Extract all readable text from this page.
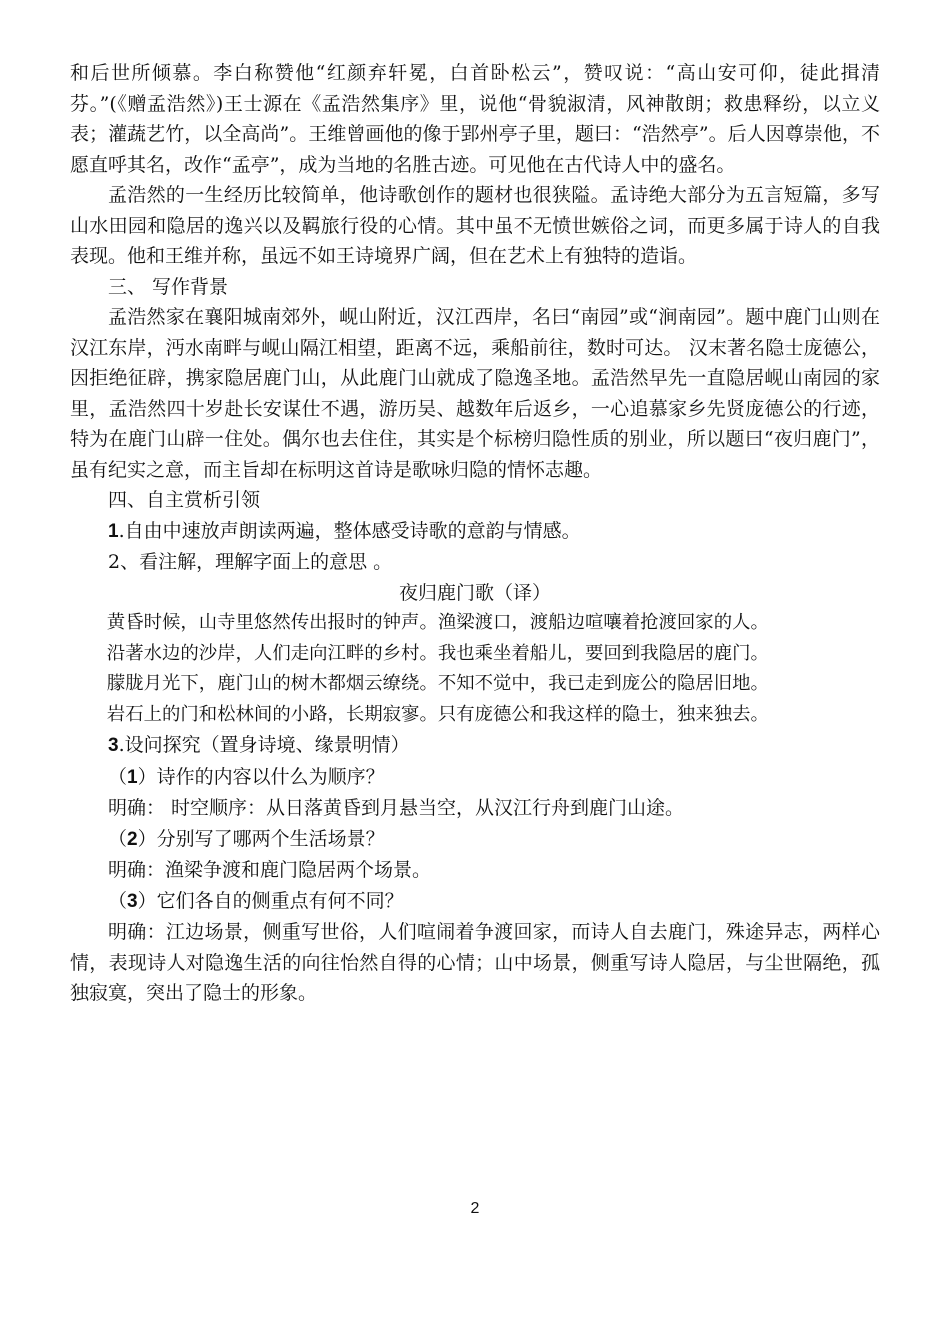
和后世所倾慕。李白称赞他“红颜弃轩冕，白首卧松云”，赞叹说：“高山安可仰，徒此揖清芬。”(《赠孟浩然》)王士源在《孟浩然集序》里，说他“骨貌淑清，风神散朗；救患释纷，以立义表；灌蔬艺竹，以全高尚”。王维曾画他的像于郢州亭子里，题曰：“浩然亭”。后人因尊崇他，不愿直呼其名，改作“孟亭”，成为当地的名胜古迹。可见他在古代诗人中的盛名。

孟浩然的一生经历比较简单，他诗歌创作的题材也很狭隘。孟诗绝大部分为五言短篇，多写山水田园和隐居的逸兴以及羁旅行役的心情。其中虽不无愤世嫉俗之词，而更多属于诗人的自我表现。他和王维并称，虽远不如王诗境界广阔，但在艺术上有独特的造诣。

三、 写作背景

孟浩然家在襄阳城南郊外，岘山附近，汉江西岸，名曰“南园”或“涧南园”。题中鹿门山则在汉江东岸，沔水南畔与岘山隔江相望，距离不远，乘船前往，数时可达。 汉末著名隐士庞德公，因拒绝征辟，携家隐居鹿门山，从此鹿门山就成了隐逸圣地。孟浩然早先一直隐居岘山南园的家里，孟浩然四十岁赴长安谋仕不遇，游历吴、越数年后返乡，一心追慕家乡先贤庞德公的行迹，特为在鹿门山辟一住处。偶尔也去住住，其实是个标榜归隐性质的别业，所以题曰“夜归鹿门”，虽有纪实之意，而主旨却在标明这首诗是歌咏归隐的情怀志趣。

四、自主赏析引领

1.自由中速放声朗读两遍，整体感受诗歌的意韵与情感。

2、看注解，理解字面上的意思 。

夜归鹿门歌（译）

黄昏时候，山寺里悠然传出报时的钟声。渔梁渡口，渡船边喧嚷着抢渡回家的人。

沿著水边的沙岸，人们走向江畔的乡村。我也乘坐着船儿，要回到我隐居的鹿门。

朦胧月光下，鹿门山的树木都烟云缭绕。不知不觉中，我已走到庞公的隐居旧地。

岩石上的门和松林间的小路，长期寂寥。只有庞德公和我这样的隐士，独来独去。

3.设问探究（置身诗境、缘景明情）

（1）诗作的内容以什么为顺序？

明确： 时空顺序：从日落黄昏到月悬当空，从汉江行舟到鹿门山途。

（2）分别写了哪两个生活场景？

明确：渔梁争渡和鹿门隐居两个场景。

（3）它们各自的侧重点有何不同？

明确：江边场景，侧重写世俗，人们喧闹着争渡回家，而诗人自去鹿门，殊途异志，两样心情，表现诗人对隐逸生活的向往怡然自得的心情；山中场景，侧重写诗人隐居，与尘世隔绝，孤独寂寞，突出了隐士的形象。

2
